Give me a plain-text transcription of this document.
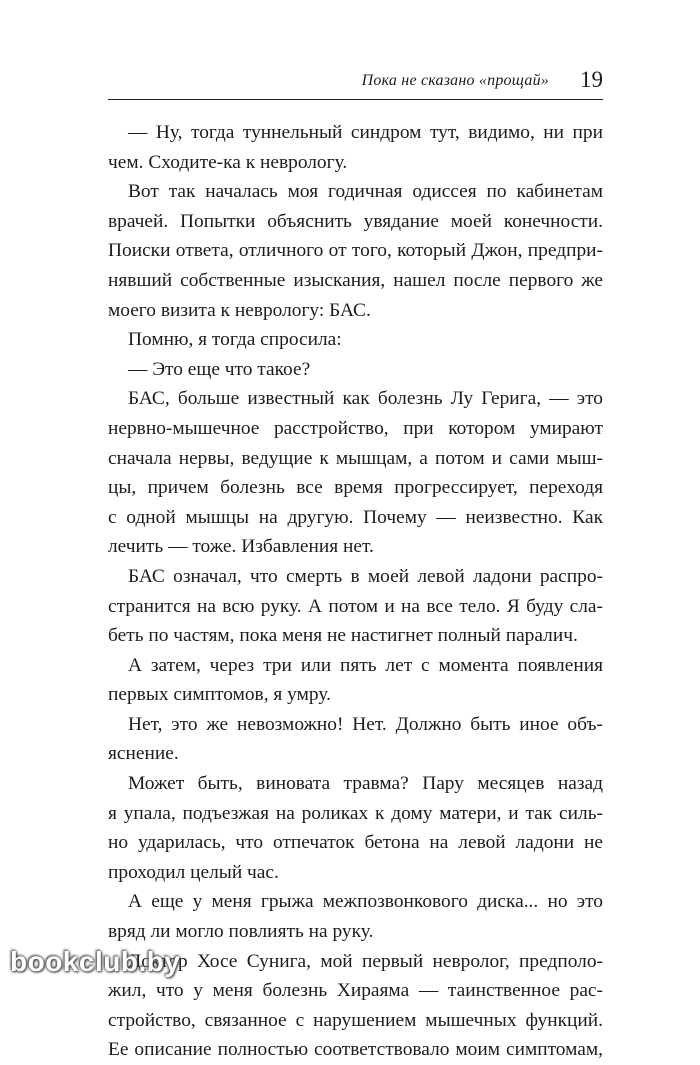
Пока не сказано «прощай» 19
— Ну, тогда туннельный синдром тут, видимо, ни при
чем. Сходите-ка к неврологу.
Вот так началась моя годичная одиссея по кабинетам
врачей. Попытки объяснить увядание моей конечности.
Поиски ответа, отличного от того, который Джон, предпри-
нявший собственные изыскания, нашел после первого же
моего визита к неврологу: БАС.
Помню, я тогда спросила:
— Это еще что такое?
БАС, больше известный как болезнь Лу Герига, — это
нервно-мышечное расстройство, при котором умирают
сначала нервы, ведущие к мышцам, а потом и сами мыш-
цы, причем болезнь все время прогрессирует, переходя
с одной мышцы на другую. Почему — неизвестно. Как
лечить — тоже. Избавления нет.
БАС означал, что смерть в моей левой ладони распро-
странится на всю руку. А потом и на все тело. Я буду сла-
беть по частям, пока меня не настигнет полный паралич.
А затем, через три или пять лет с момента появления
первых симптомов, я умру.
Нет, это же невозможно! Нет. Должно быть иное объ-
яснение.
Может быть, виновата травма? Пару месяцев назад
я упала, подъезжая на роликах к дому матери, и так силь-
но ударилась, что отпечаток бетона на левой ладони не
проходил целый час.
А еще у меня грыжа межпозвонкового диска... но это
вряд ли могло повлиять на руку.
Доктор Хосе Сунига, мой первый невролог, предполо-
жил, что у меня болезнь Хираяма — таинственное рас-
стройство, связанное с нарушением мышечных функций.
Ее описание полностью соответствовало моим симптомам,
bookclub.by
